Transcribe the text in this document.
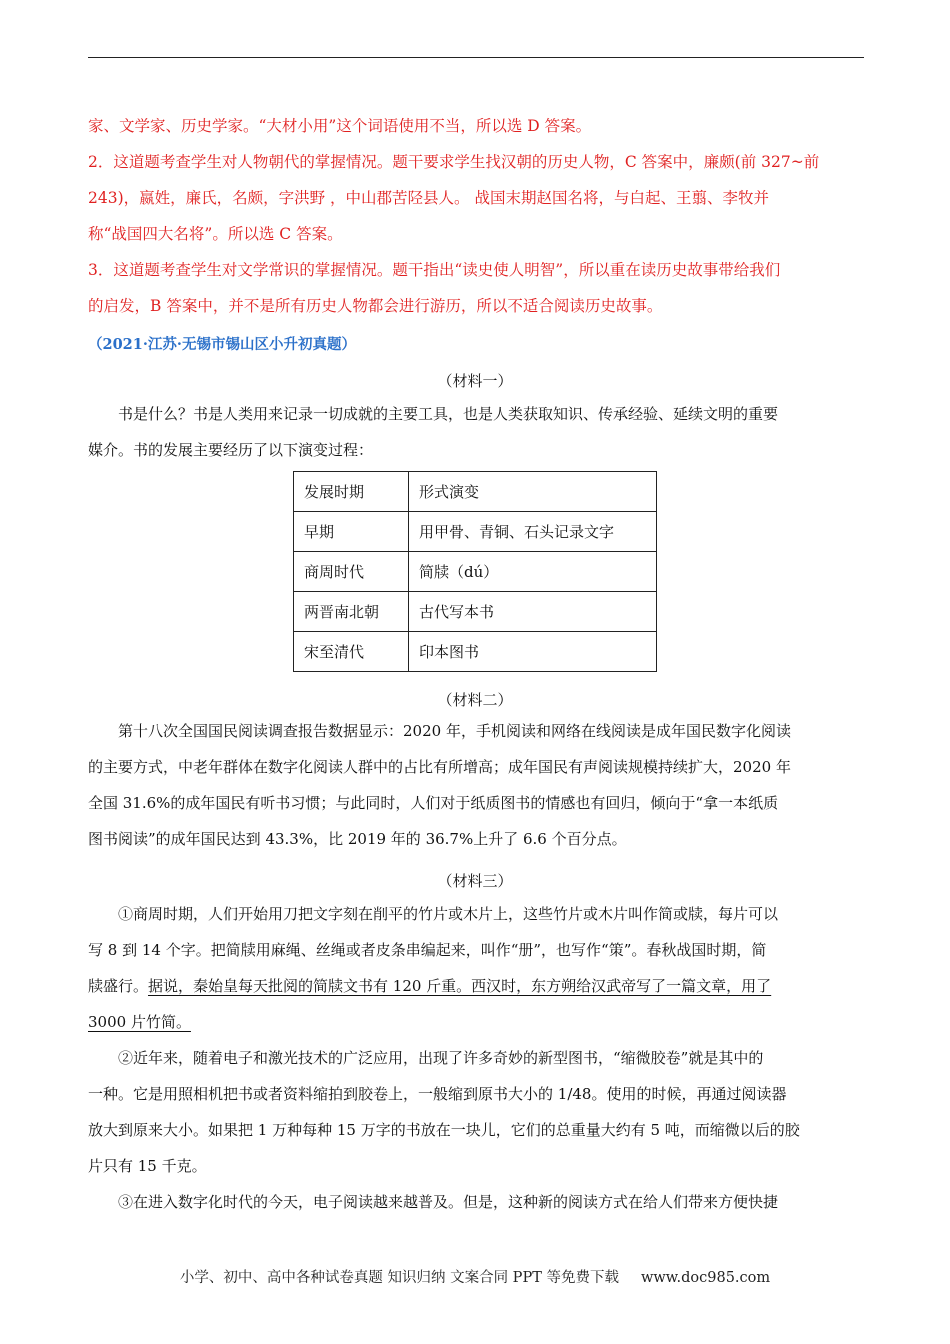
家、文学家、历史学家。“大材小用”这个词语使用不当，所以选 D 答案。

2．这道题考查学生对人物朝代的掌握情况。题干要求学生找汉朝的历史人物，C 答案中，廉颇(前 327~前

243)，嬴姓，廉氏，名颇，字洪野 ，中山郡苦陉县人。 战国末期赵国名将，与白起、王翦、李牧并

称“战国四大名将”。所以选 C 答案。

3．这道题考查学生对文学常识的掌握情况。题干指出“读史使人明智”，所以重在读历史故事带给我们

的启发，B 答案中，并不是所有历史人物都会进行游历，所以不适合阅读历史故事。

（2021·江苏·无锡市锡山区小升初真题）
（材料一）

书是什么？书是人类用来记录一切成就的主要工具，也是人类获取知识、传承经验、延续文明的重要

媒介。书的发展主要经历了以下演变过程：

发展时期	形式演变
早期	用甲骨、青铜、石头记录文字
商周时代	简牍（dú）
两晋南北朝	古代写本书
宋至清代	印本图书
（材料二）

第十八次全国国民阅读调查报告数据显示：2020 年，手机阅读和网络在线阅读是成年国民数字化阅读

的主要方式，中老年群体在数字化阅读人群中的占比有所增高；成年国民有声阅读规模持续扩大，2020 年

全国 31.6%的成年国民有听书习惯；与此同时，人们对于纸质图书的情感也有回归，倾向于“拿一本纸质

图书阅读”的成年国民达到 43.3%，比 2019 年的 36.7%上升了 6.6 个百分点。

（材料三）

①商周时期，人们开始用刀把文字刻在削平的竹片或木片上，这些竹片或木片叫作简或牍，每片可以

写 8 到 14 个字。把简牍用麻绳、丝绳或者皮条串编起来，叫作“册”，也写作“策”。春秋战国时期，简

牍盛行。据说，秦始皇每天批阅的简牍文书有 120 斤重。西汉时，东方朔给汉武帝写了一篇文章，用了

3000 片竹简。

②近年来，随着电子和激光技术的广泛应用，出现了许多奇妙的新型图书，“缩微胶卷”就是其中的

一种。它是用照相机把书或者资料缩拍到胶卷上，一般缩到原书大小的 1/48。使用的时候，再通过阅读器

放大到原来大小。如果把 1 万种每种 15 万字的书放在一块儿，它们的总重量大约有 5 吨，而缩微以后的胶

片只有 15 千克。

③在进入数字化时代的今天，电子阅读越来越普及。但是，这种新的阅读方式在给人们带来方便快捷

小学、初中、高中各种试卷真题 知识归纳 文案合同 PPT 等免费下载 www.doc985.com
